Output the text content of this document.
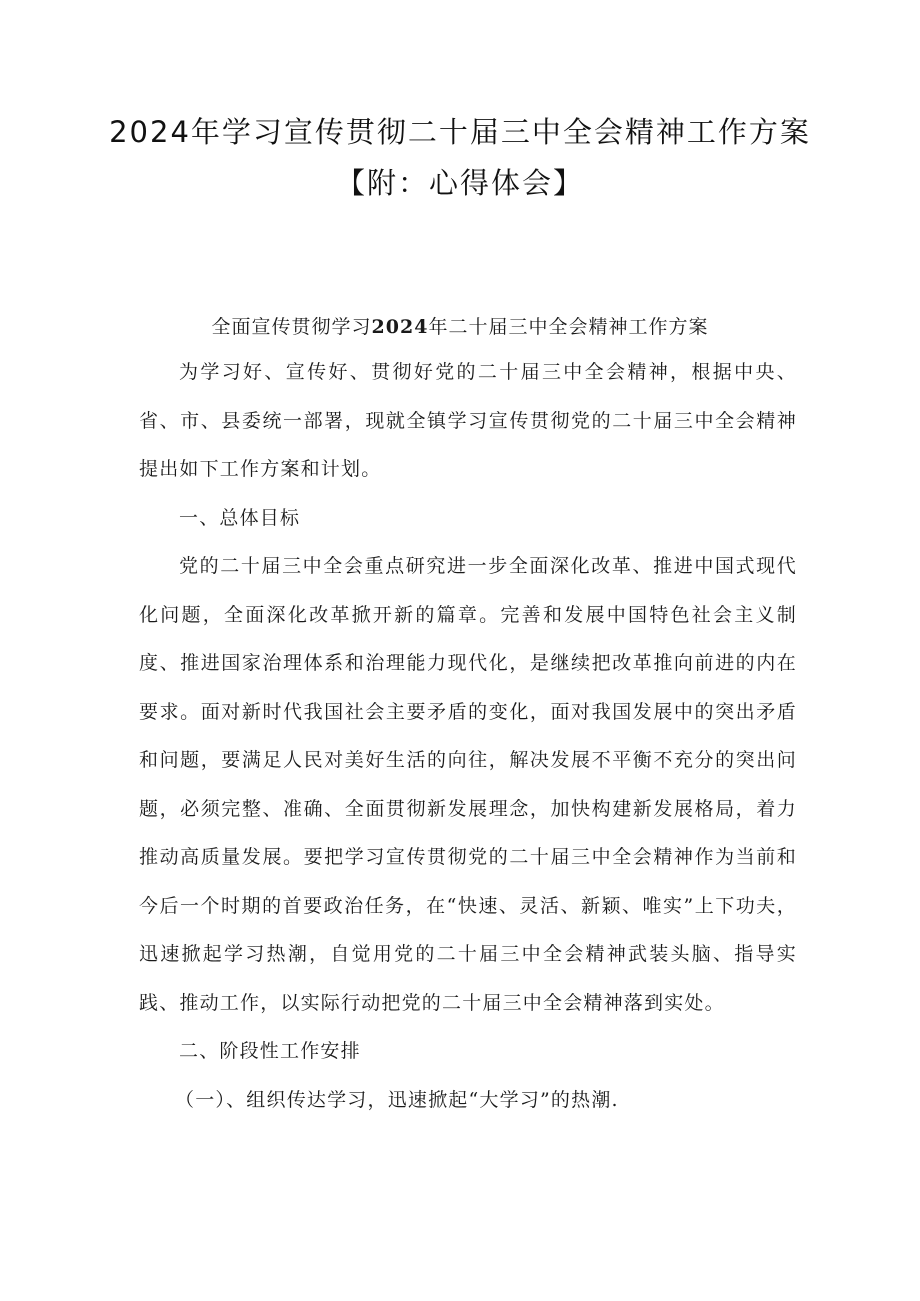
2024年学习宣传贯彻二十届三中全会精神工作方案
【附：心得体会】
全面宣传贯彻学习2024年二十届三中全会精神工作方案

为学习好、宣传好、贯彻好党的二十届三中全会精神，根据中央、省、市、县委统一部署，现就全镇学习宣传贯彻党的二十届三中全会精神提出如下工作方案和计划。

一、总体目标

党的二十届三中全会重点研究进一步全面深化改革、推进中国式现代化问题，全面深化改革掀开新的篇章。完善和发展中国特色社会主义制度、推进国家治理体系和治理能力现代化，是继续把改革推向前进的内在要求。面对新时代我国社会主要矛盾的变化，面对我国发展中的突出矛盾和问题，要满足人民对美好生活的向往，解决发展不平衡不充分的突出问题，必须完整、准确、全面贯彻新发展理念，加快构建新发展格局，着力推动高质量发展。要把学习宣传贯彻党的二十届三中全会精神作为当前和今后一个时期的首要政治任务，在“快速、灵活、新颖、唯实”上下功夫，迅速掀起学习热潮，自觉用党的二十届三中全会精神武装头脑、指导实践、推动工作，以实际行动把党的二十届三中全会精神落到实处。

二、阶段性工作安排

（一）、组织传达学习，迅速掀起“大学习”的热潮.
